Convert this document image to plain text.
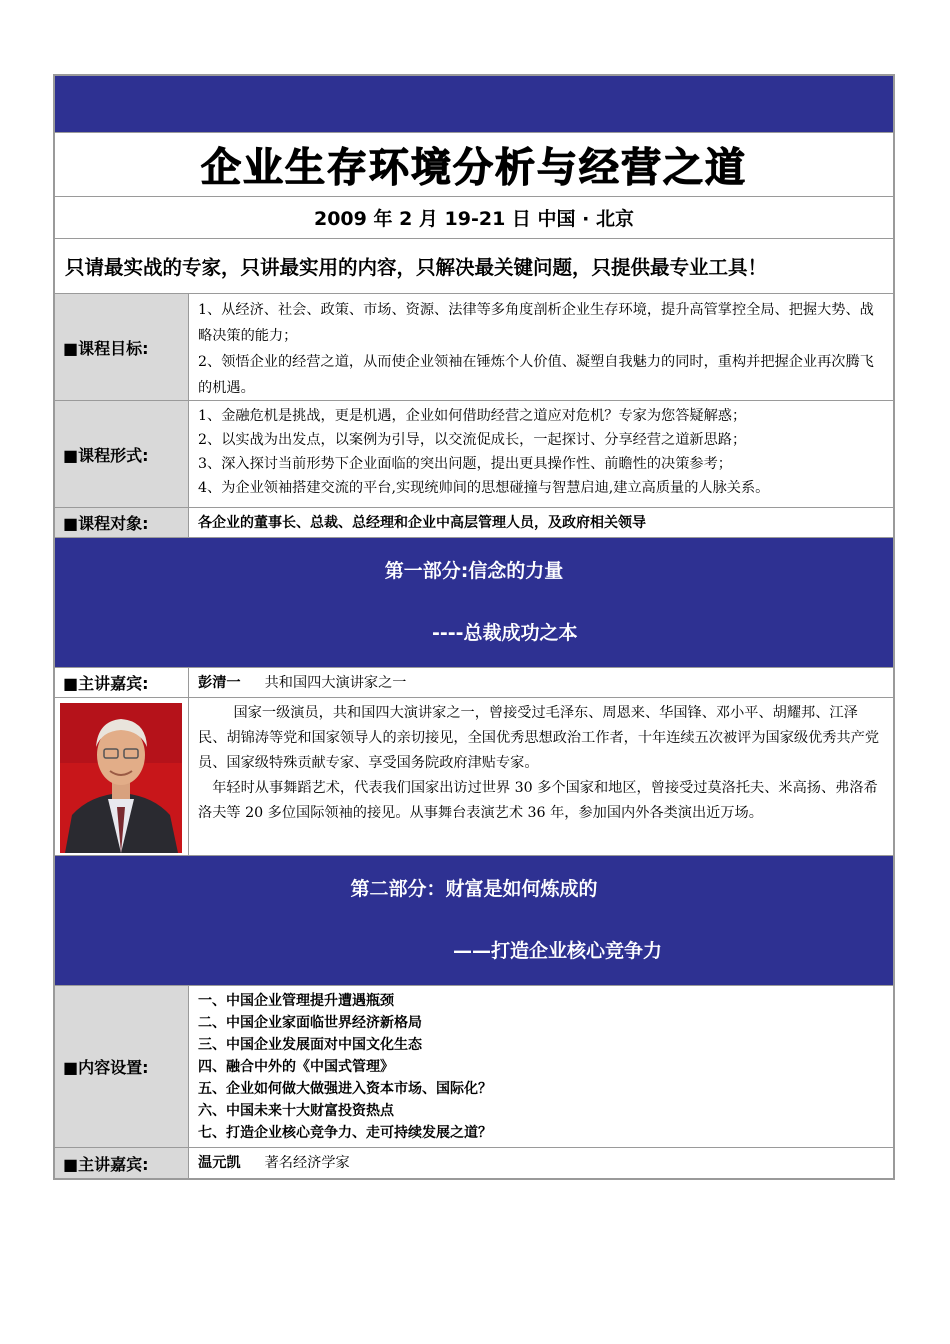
企业生存环境分析与经营之道
2009 年 2 月 19-21 日 中国 · 北京
只请最实战的专家，只讲最实用的内容，只解决最关键问题，只提供最专业工具！
■课程目标:
1、从经济、社会、政策、市场、资源、法律等多角度剖析企业生存环境，提升高管掌控全局、把握大势、战略决策的能力；
2、领悟企业的经营之道，从而使企业领袖在锤炼个人价值、凝塑自我魅力的同时，重构并把握企业再次腾飞的机遇。
■课程形式:
1、金融危机是挑战，更是机遇，企业如何借助经营之道应对危机？专家为您答疑解惑；
2、以实战为出发点，以案例为引导，以交流促成长，一起探讨、分享经营之道新思路；
3、深入探讨当前形势下企业面临的突出问题，提出更具操作性、前瞻性的决策参考；
4、为企业领袖搭建交流的平台,实现统帅间的思想碰撞与智慧启迪,建立高质量的人脉关系。
■课程对象:	各企业的董事长、总裁、总经理和企业中高层管理人员，及政府相关领导
第一部分:信念的力量
----总裁成功之本
■主讲嘉宾:	彭清一 共和国四大演讲家之一
国家一级演员，共和国四大演讲家之一，曾接受过毛泽东、周恩来、华国锋、邓小平、胡耀邦、江泽民、胡锦涛等党和国家领导人的亲切接见，全国优秀思想政治工作者，十年连续五次被评为国家级优秀共产党员、国家级特殊贡献专家、享受国务院政府津贴专家。
年轻时从事舞蹈艺术，代表我们国家出访过世界 30 多个国家和地区，曾接受过莫洛托夫、米高扬、弗洛希洛夫等 20 多位国际领袖的接见。从事舞台表演艺术 36 年，参加国内外各类演出近万场。
第二部分：财富是如何炼成的
——打造企业核心竞争力
■内容设置:
一、中国企业管理提升遭遇瓶颈
二、中国企业家面临世界经济新格局
三、中国企业发展面对中国文化生态
四、融合中外的《中国式管理》
五、企业如何做大做强进入资本市场、国际化？
六、中国未来十大财富投资热点
七、打造企业核心竞争力、走可持续发展之道？
■主讲嘉宾:	温元凯 著名经济学家
